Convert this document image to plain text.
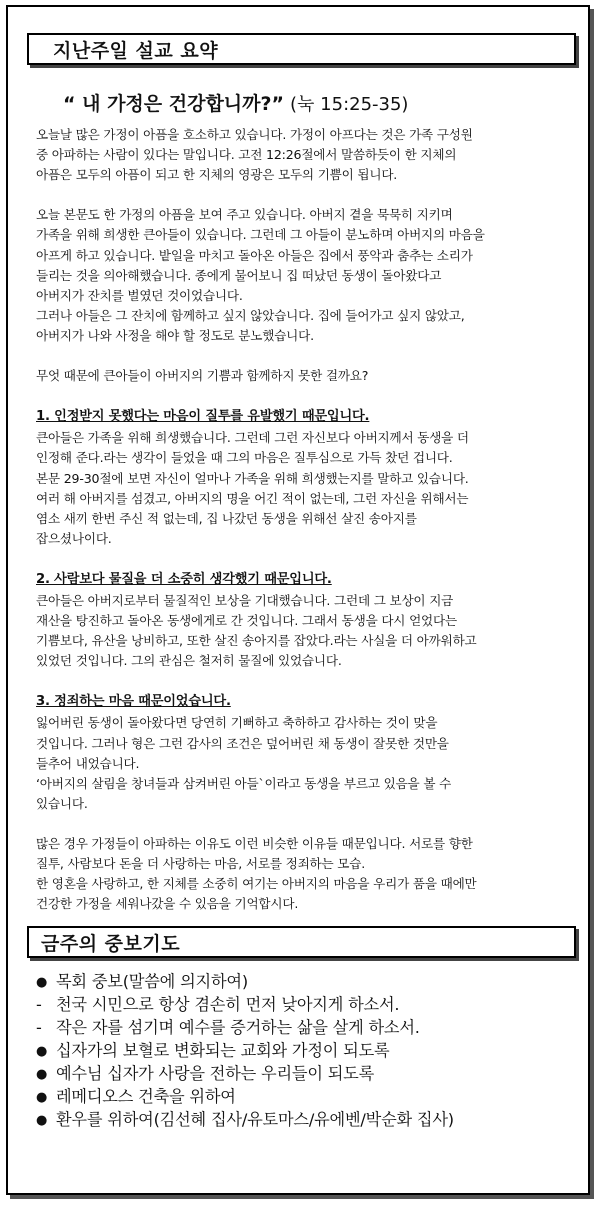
지난주일 설교 요약
“ 내 가정은 건강합니까?” (눅 15:25-35)
오늘날 많은 가정이 아픔을 호소하고 있습니다. 가정이 아프다는 것은 가족 구성원
중 아파하는 사람이 있다는 말입니다. 고전 12:26절에서 말씀하듯이 한 지체의
아픔은 모두의 아픔이 되고 한 지체의 영광은 모두의 기쁨이 됩니다.
오늘 본문도 한 가정의 아픔을 보여 주고 있습니다. 아버지 곁을 묵묵히 지키며
가족을 위해 희생한 큰아들이 있습니다. 그런데 그 아들이 분노하며 아버지의 마음을
아프게 하고 있습니다. 밭일을 마치고 돌아온 아들은 집에서 풍악과 춤추는 소리가
들리는 것을 의아해했습니다. 종에게 물어보니 집 떠났던 동생이 돌아왔다고
아버지가 잔치를 벌였던 것이었습니다.
그러나 아들은 그 잔치에 함께하고 싶지 않았습니다. 집에 들어가고 싶지 않았고,
아버지가 나와 사정을 해야 할 정도로 분노했습니다.
무엇 때문에 큰아들이 아버지의 기쁨과 함께하지 못한 걸까요?
1. 인정받지 못했다는 마음이 질투를 유발했기 때문입니다.
큰아들은 가족을 위해 희생했습니다. 그런데 그런 자신보다 아버지께서 동생을 더
인정해 준다.라는 생각이 들었을 때 그의 마음은 질투심으로 가득 찼던 겁니다.
본문 29-30절에 보면 자신이 얼마나 가족을 위해 희생했는지를 말하고 있습니다.
여러 해 아버지를 섬겼고, 아버지의 명을 어긴 적이 없는데, 그런 자신을 위해서는
염소 새끼 한번 주신 적 없는데, 집 나갔던 동생을 위해선 살진 송아지를
잡으셨나이다.
2. 사람보다 물질을 더 소중히 생각했기 때문입니다.
큰아들은 아버지로부터 물질적인 보상을 기대했습니다. 그런데 그 보상이 지금
재산을 탕진하고 돌아온 동생에게로 간 것입니다. 그래서 동생을 다시 얻었다는
기쁨보다, 유산을 낭비하고, 또한 살진 송아지를 잡았다.라는 사실을 더 아까워하고
있었던 것입니다. 그의 관심은 철저히 물질에 있었습니다.
3. 정죄하는 마음 때문이었습니다.
잃어버린 동생이 돌아왔다면 당연히 기뻐하고 축하하고 감사하는 것이 맞을
것입니다. 그러나 형은 그런 감사의 조건은 덮어버린 채 동생이 잘못한 것만을
들추어 내었습니다.
‘아버지의 살림을 창녀들과 삼켜버린 아들`이라고 동생을 부르고 있음을 볼 수
있습니다.
많은 경우 가정들이 아파하는 이유도 이런 비슷한 이유들 때문입니다. 서로를 향한
질투, 사람보다 돈을 더 사랑하는 마음, 서로를 정죄하는 모습.
한 영혼을 사랑하고, 한 지체를 소중히 여기는 아버지의 마음을 우리가 품을 때에만
건강한 가정을 세워나갔을 수 있음을 기억합시다.
금주의 중보기도
● 목회 중보(말씀에 의지하여)
- 천국 시민으로 항상 겸손히 먼저 낮아지게 하소서.
- 작은 자를 섬기며 예수를 증거하는 삶을 살게 하소서.
● 십자가의 보혈로 변화되는 교회와 가정이 되도록
● 예수님 십자가 사랑을 전하는 우리들이 되도록
● 레메디오스 건축을 위하여
● 환우를 위하여(김선혜 집사/유토마스/유에벤/박순화 집사)
